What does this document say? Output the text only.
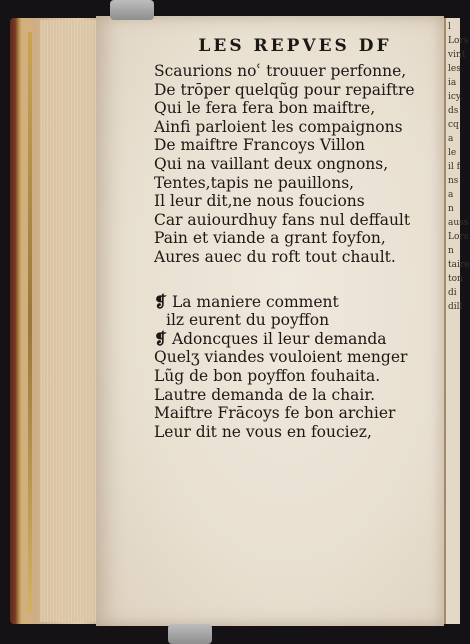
l
Lors
vint
les
ia
icy,
ds
cq
a
le
il f
ns
a
n
auss
Lors
n
taire
ton
di
dill
LES REPVES DF
Scaurions noʿ trouuer perfonne,
De trōper quelqũg pour repaiftre
Qui le fera fera bon maiftre,
Ainfi parloient les compaignons
De maiftre Francoys Villon
Qui na vaillant deux ongnons,
Tentes,tapis ne pauillons,
Il leur dit,ne nous foucions
Car auiourdhuy fans nul deffault
Pain et viande a grant foyfon,
Aures auec du roft tout chault.
❡ La maniere comment
ilz eurent du poyffon
❡ Adoncques il leur demanda
Quelʒ viandes vouloient menger
Lũg de bon poyffon fouhaita.
Lautre demanda de la chair.
Maiftre Frācoys fe bon archier
Leur dit ne vous en fouciez,
